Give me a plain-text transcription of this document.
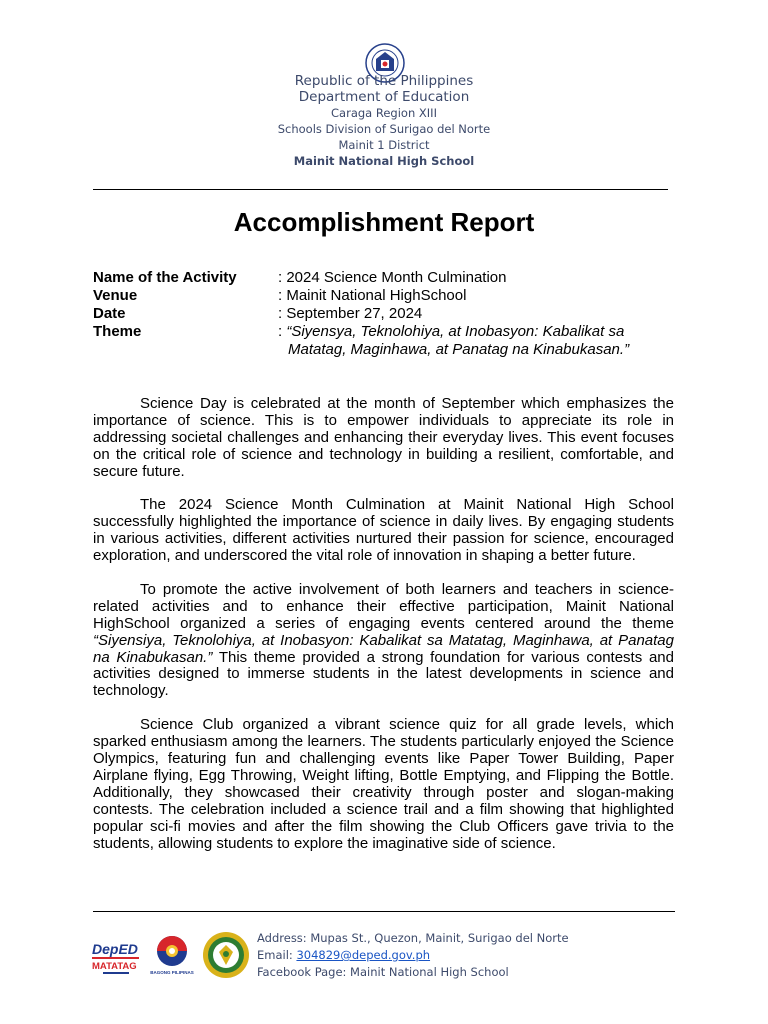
Republic of the Philippines
Department of Education
Caraga Region XIII
Schools Division of Surigao del Norte
Mainit 1 District
Mainit National High School
Accomplishment Report
Name of the Activity	: 2024 Science Month Culmination
Venue	: Mainit National HighSchool
Date	: September 27, 2024
Theme	: “Siyensya, Teknolohiya, at Inobasyon: Kabalikat sa
Matatag, Maginhawa, at Panatag na Kinabukasan.”

Science Day is celebrated at the month of September which emphasizes the importance of science. This is to empower individuals to appreciate its role in addressing societal challenges and enhancing their everyday lives. This event focuses on the critical role of science and technology in building a resilient, comfortable, and secure future.

The 2024 Science Month Culmination at Mainit National High School successfully highlighted the importance of science in daily lives. By engaging students in various activities, different activities nurtured their passion for science, encouraged exploration, and underscored the vital role of innovation in shaping a better future.

To promote the active involvement of both learners and teachers in science-related activities and to enhance their effective participation, Mainit National HighSchool organized a series of engaging events centered around the theme “Siyensiya, Teknolohiya, at Inobasyon: Kabalikat sa Matatag, Maginhawa, at Panatag na Kinabukasan.” This theme provided a strong foundation for various contests and activities designed to immerse students in the latest developments in science and technology.

Science Club organized a vibrant science quiz for all grade levels, which sparked enthusiasm among the learners. The students particularly enjoyed the Science Olympics, featuring fun and challenging events like Paper Tower Building, Paper Airplane flying, Egg Throwing, Weight lifting, Bottle Emptying, and Flipping the Bottle. Additionally, they showcased their creativity through poster and slogan-making contests. The celebration included a science trail and a film showing that highlighted popular sci-fi movies and after the film showing the Club Officers gave trivia to the students, allowing students to explore the imaginative side of science.

DepED
MATATAG
BAGONG PILIPINAS
Address: Mupas St., Quezon, Mainit, Surigao del Norte
Email: 304829@deped.gov.ph
Facebook Page: Mainit National High School
